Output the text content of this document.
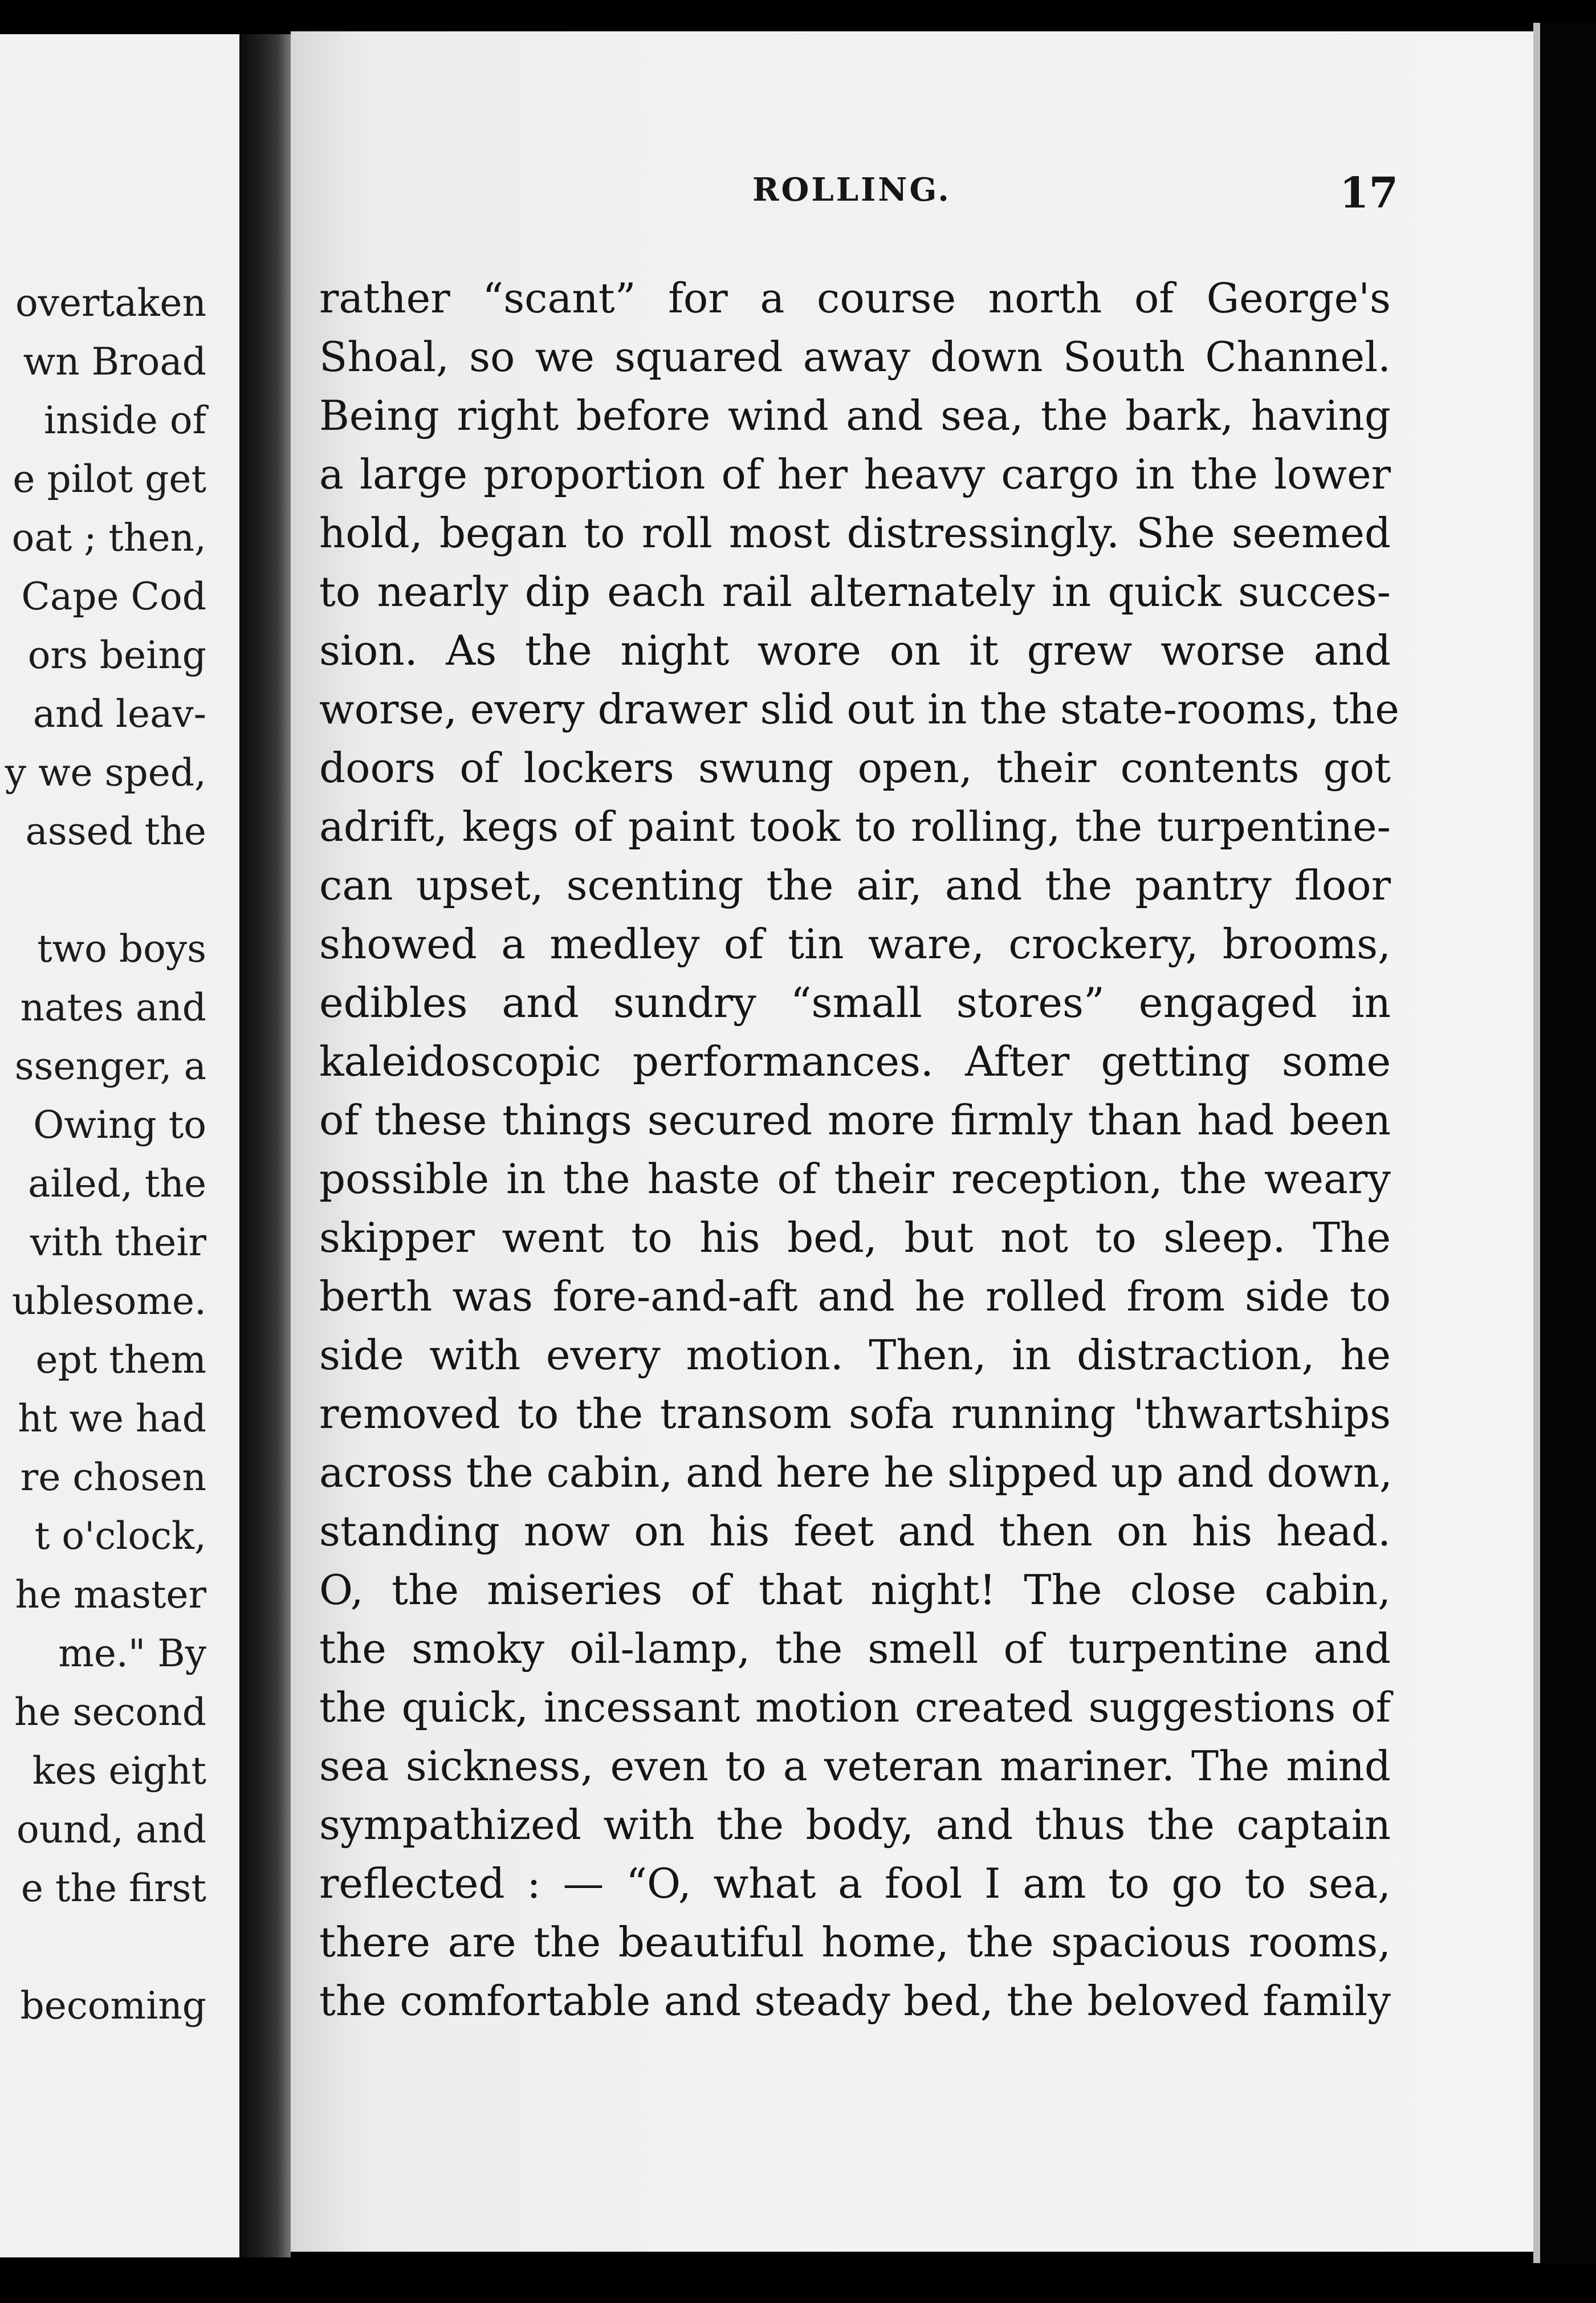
overtaken
wn Broad
inside of
e pilot get
oat ; then,
Cape Cod
ors being
and leav-
y we sped,
assed the
two boys
nates and
ssenger, a
Owing to
ailed, the
vith their
ublesome.
ept them
ht we had
re chosen
t o'clock,
he master
me." By
he second
kes eight
ound, and
e the first
becoming
ROLLING.	17
rather “scant” for a course north of George's
Shoal, so we squared away down South Channel.
Being right before wind and sea, the bark, having
a large proportion of her heavy cargo in the lower
hold, began to roll most distressingly. She seemed
to nearly dip each rail alternately in quick succes-
sion. As the night wore on it grew worse and
worse, every drawer slid out in the state-rooms, the
doors of lockers swung open, their contents got
adrift, kegs of paint took to rolling, the turpentine-
can upset, scenting the air, and the pantry floor
showed a medley of tin ware, crockery, brooms,
edibles and sundry “small stores” engaged in
kaleidoscopic performances. After getting some
of these things secured more firmly than had been
possible in the haste of their reception, the weary
skipper went to his bed, but not to sleep. The
berth was fore-and-aft and he rolled from side to
side with every motion. Then, in distraction, he
removed to the transom sofa running 'thwartships
across the cabin, and here he slipped up and down,
standing now on his feet and then on his head.
O, the miseries of that night! The close cabin,
the smoky oil-lamp, the smell of turpentine and
the quick, incessant motion created suggestions of
sea sickness, even to a veteran mariner. The mind
sympathized with the body, and thus the captain
reflected : — “O, what a fool I am to go to sea,
there are the beautiful home, the spacious rooms,
the comfortable and steady bed, the beloved family
